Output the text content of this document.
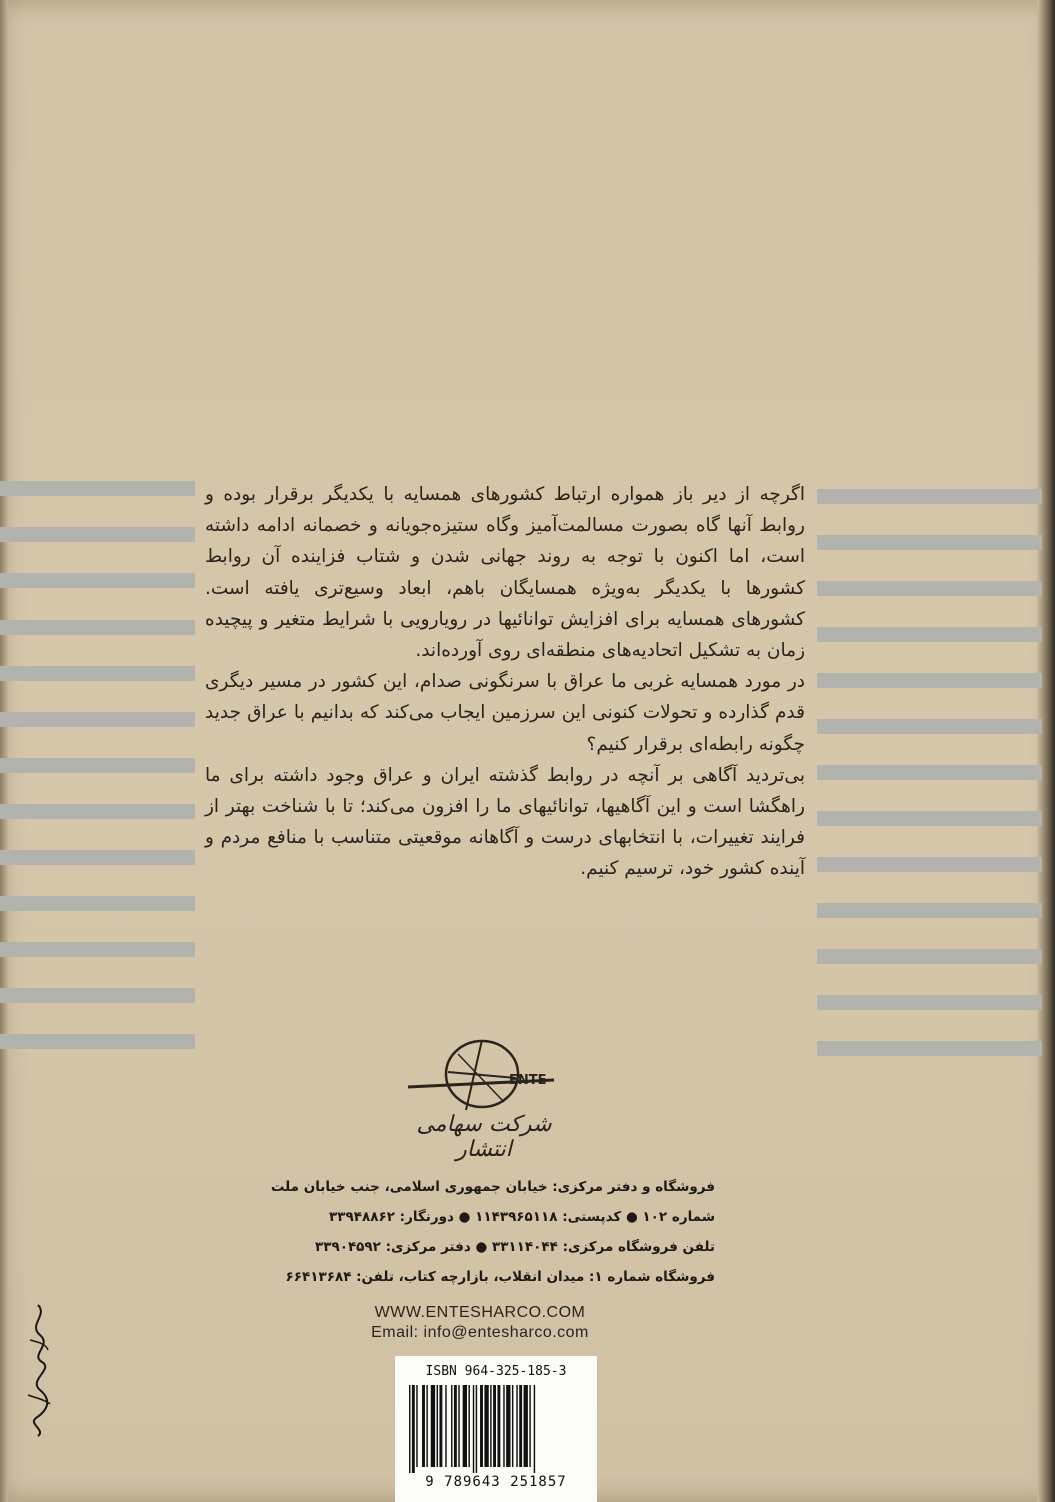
اگرچه از دیر باز همواره ارتباط کشورهای همسایه با یکدیگر برقرار بوده و روابط آنها گاه بصورت مسالمت‌آمیز وگاه ستیزه‌جویانه و خصمانه ادامه داشته است، اما اکنون با توجه به روند جهانی شدن و شتاب فزاینده آن روابط کشورها با یکدیگر به‌ویژه همسایگان باهم، ابعاد وسیع‌تری یافته است. کشورهای همسایه برای افزایش توانائیها در رویارویی با شرایط متغیر و پیچیده زمان به تشکیل اتحادیه‌های منطقه‌ای روی آورده‌اند.

در مورد همسایه غربی ما عراق با سرنگونی صدام، این کشور در مسیر دیگری قدم گذارده و تحولات کنونی این سرزمین ایجاب می‌کند که بدانیم با عراق جدید چگونه رابطه‌ای برقرار کنیم؟

بی‌تردید آگاهی بر آنچه در روابط گذشته ایران و عراق وجود داشته برای ما راهگشا است و این آگاهیها، توانائیهای ما را افزون می‌کند؛ تا با شناخت بهتر از فرایند تغییرات، با انتخابهای درست و آگاهانه موقعیتی متناسب با منافع مردم و آینده کشور خود، ترسیم کنیم.

ENTE
شرکت سهامی انتشار
فروشگاه و دفتر مرکزی: خیابان جمهوری اسلامی، جنب خیابان ملت
شماره ۱۰۲ ● کدپستی: ۱۱۴۳۹۶۵۱۱۸ ● دورنگار: ۳۳۹۴۸۸۶۲
تلفن فروشگاه مرکزی: ۳۳۱۱۴۰۴۴ ● دفتر مرکزی: ۳۳۹۰۴۵۹۲
فروشگاه شماره ۱: میدان انقلاب، بازارچه کتاب، تلفن: ۶۶۴۱۳۶۸۴
WWW.ENTESHARCO.COM
Email: info@entesharco.com
ISBN 964-325-185-3
9 789643 251857
